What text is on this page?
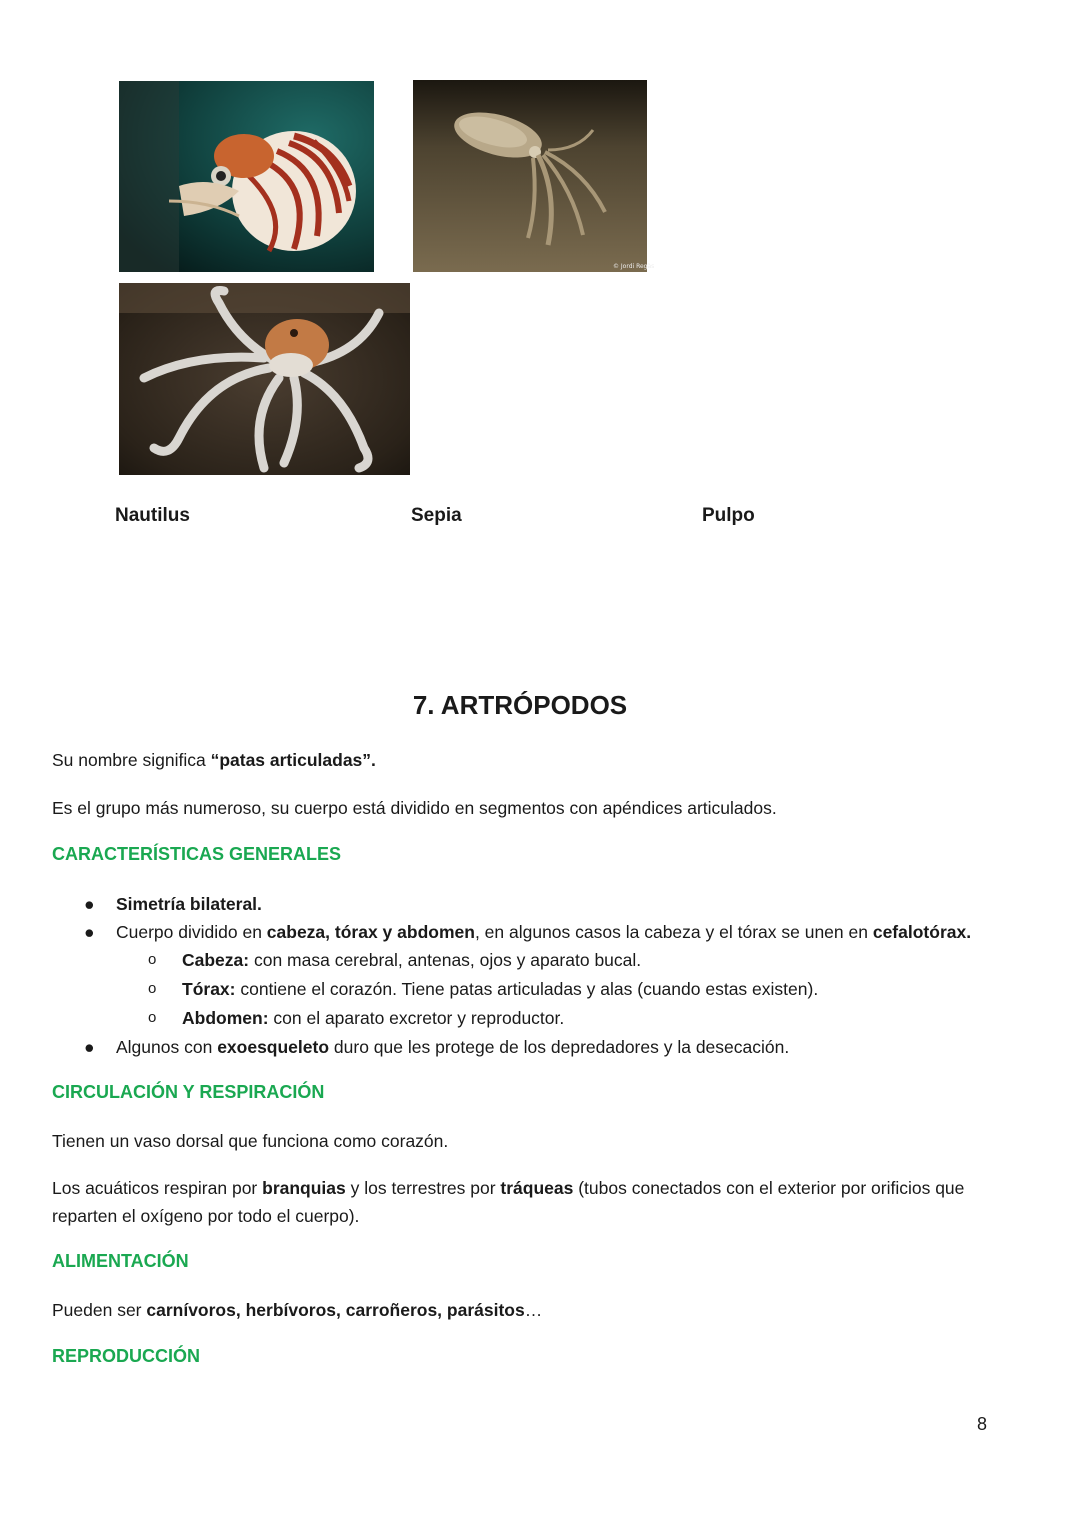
© Jordi Regàs
Nautilus	Sepia	Pulpo
7. ARTRÓPODOS
Su nombre significa “patas articuladas”.
Es el grupo más numeroso, su cuerpo está dividido en segmentos con apéndices articulados.
CARACTERÍSTICAS GENERALES
● Simetría bilateral.
● Cuerpo dividido en cabeza, tórax y abdomen, en algunos casos la cabeza y el tórax se unen en cefalotórax.
o Cabeza: con masa cerebral, antenas, ojos y aparato bucal.
o Tórax: contiene el corazón. Tiene patas articuladas y alas (cuando estas existen).
o Abdomen: con el aparato excretor y reproductor.
● Algunos con exoesqueleto duro que les protege de los depredadores y la desecación.
CIRCULACIÓN Y RESPIRACIÓN
Tienen un vaso dorsal que funciona como corazón.
Los acuáticos respiran por branquias y los terrestres por tráqueas (tubos conectados con el exterior por orificios que reparten el oxígeno por todo el cuerpo).
ALIMENTACIÓN
Pueden ser carnívoros, herbívoros, carroñeros, parásitos…
REPRODUCCIÓN
8
